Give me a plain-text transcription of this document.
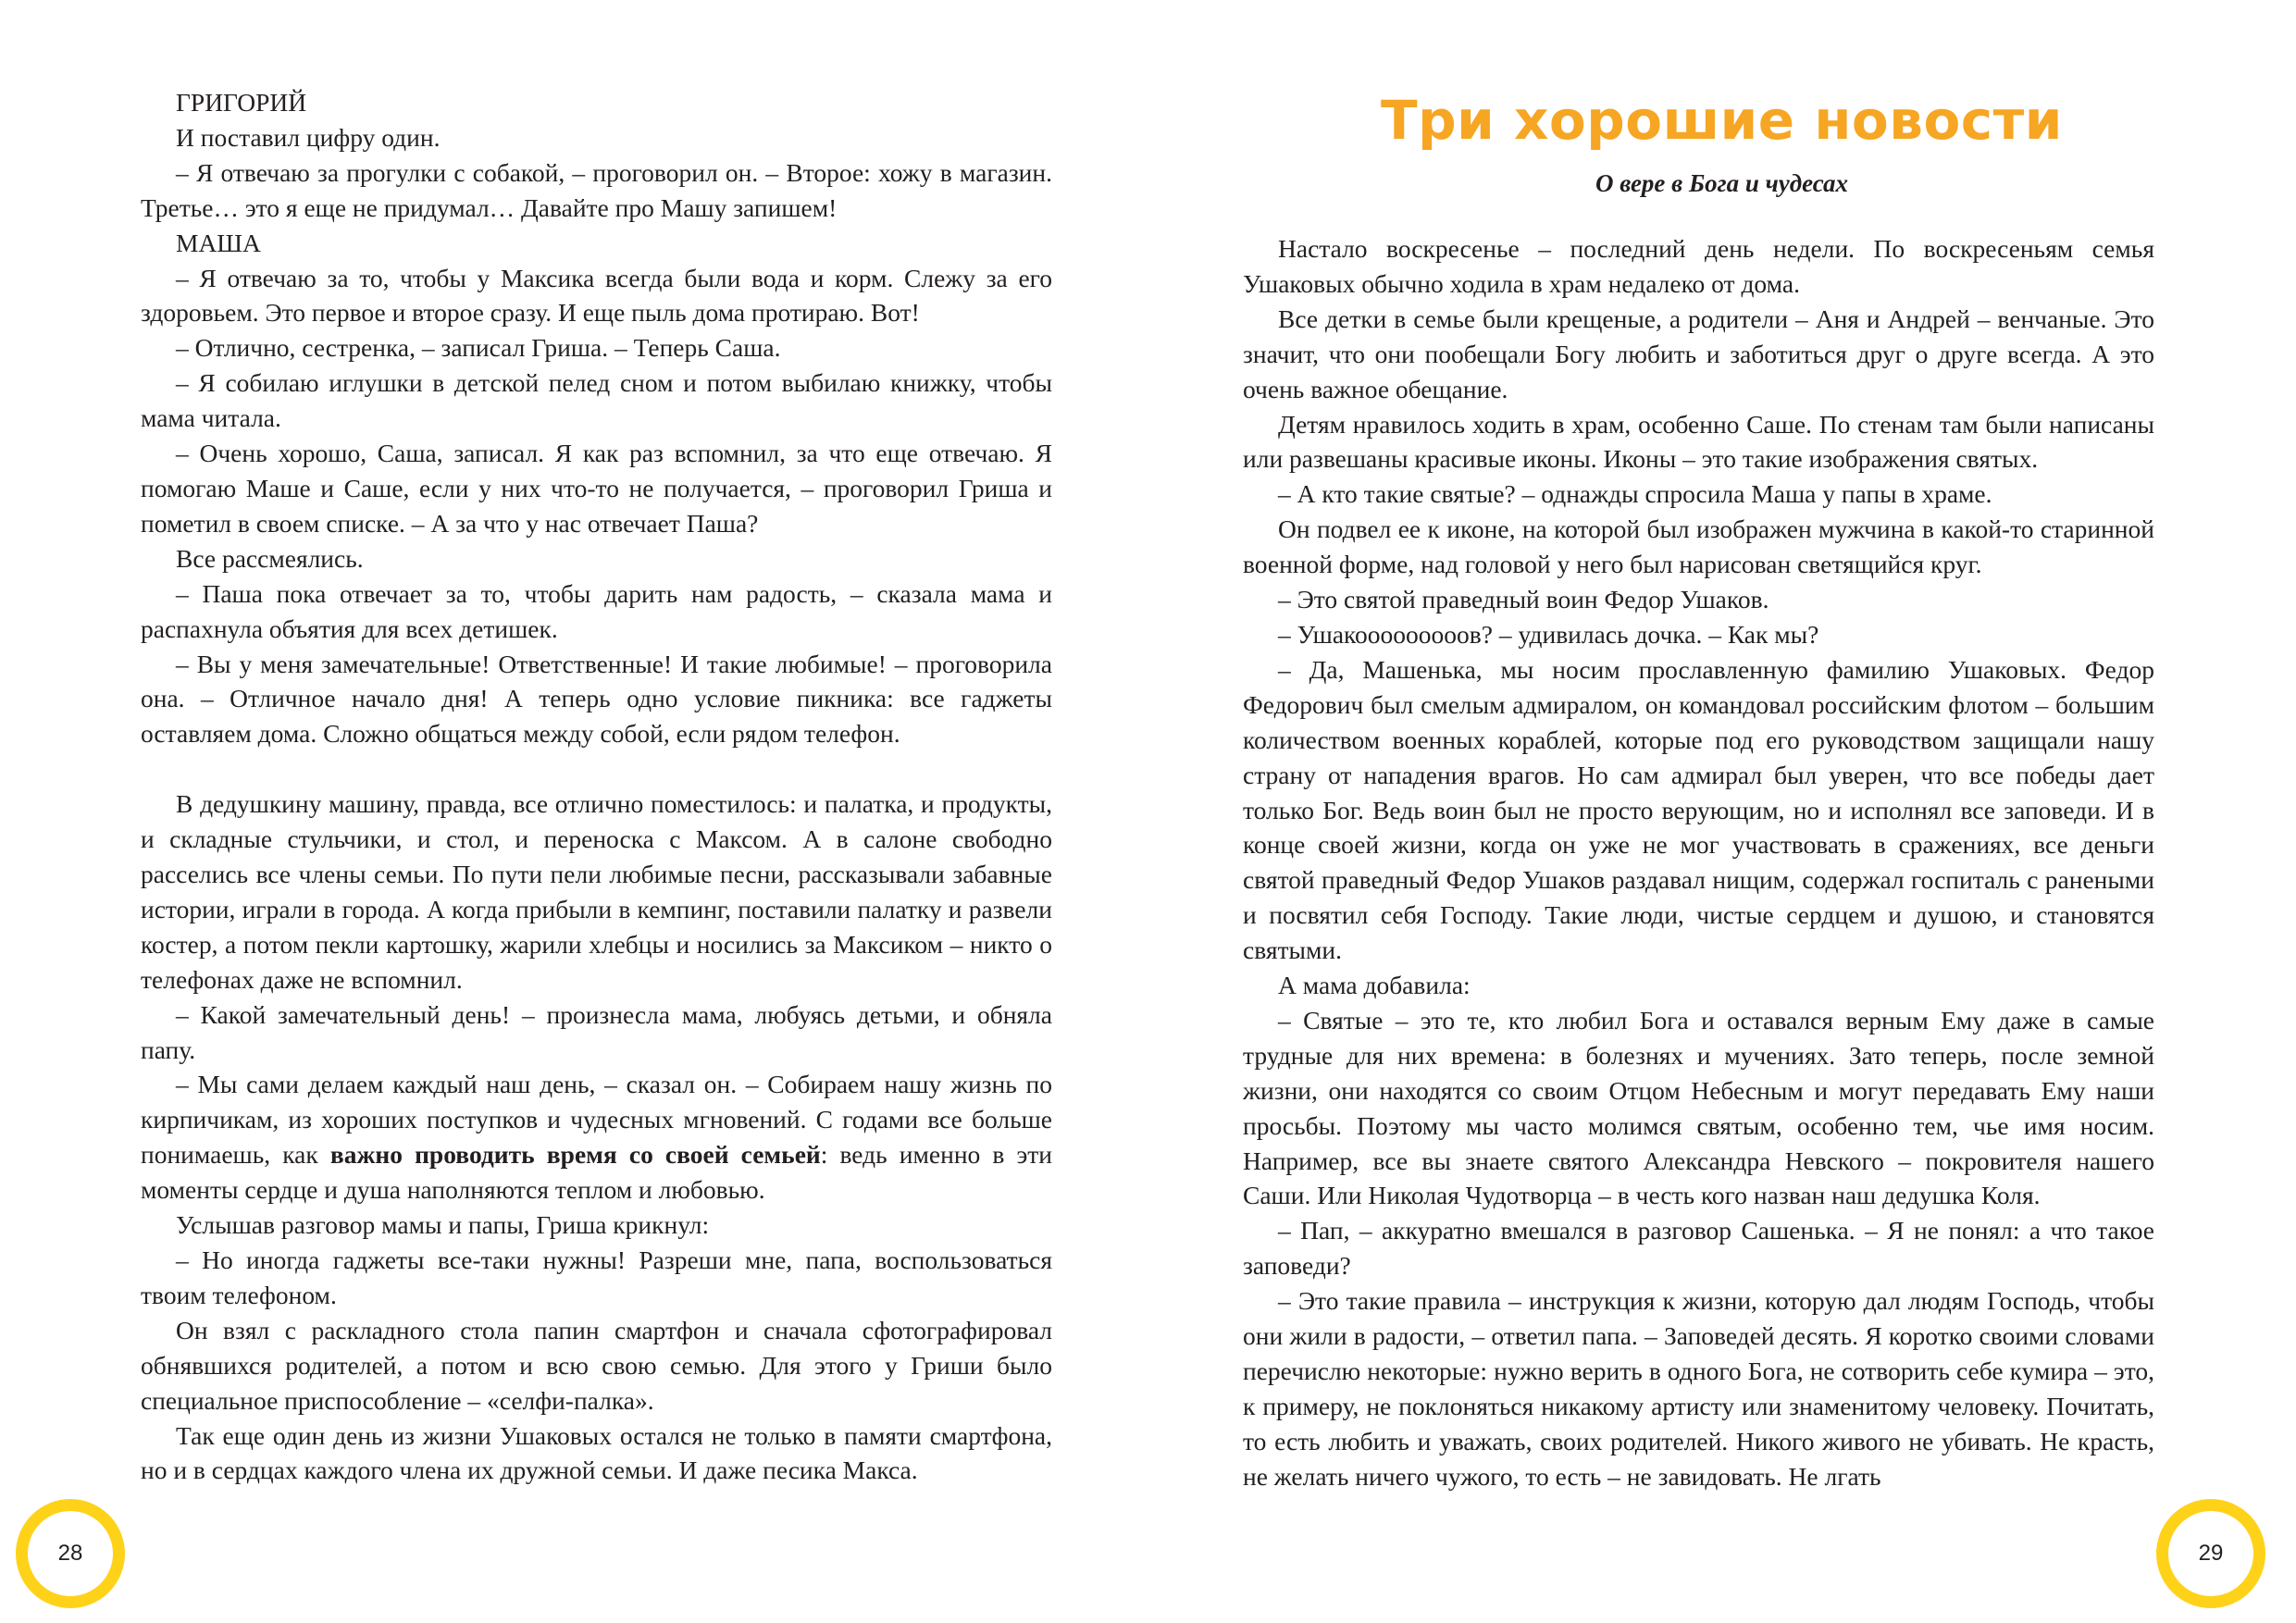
ГРИГОРИЙ

И поставил цифру один.

– Я отвечаю за прогулки с собакой, – проговорил он. – Второе: хожу в магазин. Третье… это я еще не придумал… Давайте про Машу запишем!

МАША

– Я отвечаю за то, чтобы у Максика всегда были вода и корм. Слежу за его здоровьем. Это первое и второе сразу. И еще пыль дома протираю. Вот!

– Отлично, сестренка, – записал Гриша. – Теперь Саша.

– Я собилаю иглушки в детской пелед сном и потом выбилаю книжку, чтобы мама читала.

– Очень хорошо, Саша, записал. Я как раз вспомнил, за что еще отвечаю. Я помогаю Маше и Саше, если у них что-то не получается, – проговорил Гриша и пометил в своем списке. – А за что у нас отвечает Паша?

Все рассмеялись.

– Паша пока отвечает за то, чтобы дарить нам радость, – сказала мама и распахнула объятия для всех детишек.

– Вы у меня замечательные! Ответственные! И такие любимые! – проговорила она. – Отличное начало дня! А теперь одно условие пикника: все гаджеты оставляем дома. Сложно общаться между собой, если рядом телефон.

В дедушкину машину, правда, все отлично поместилось: и палатка, и продукты, и складные стульчики, и стол, и переноска с Максом. А в салоне свободно расселись все члены семьи. По пути пели любимые песни, рассказывали забавные истории, играли в города. А когда прибыли в кемпинг, поставили палатку и развели костер, а потом пекли картошку, жарили хлебцы и носились за Максиком – никто о телефонах даже не вспомнил.

– Какой замечательный день! – произнесла мама, любуясь детьми, и обняла папу.

– Мы сами делаем каждый наш день, – сказал он. – Собираем нашу жизнь по кирпичикам, из хороших поступков и чудесных мгновений. С годами все больше понимаешь, как важно проводить время со своей семьей: ведь именно в эти моменты сердце и душа наполняются теплом и любовью.

Услышав разговор мамы и папы, Гриша крикнул:

– Но иногда гаджеты все-таки нужны! Разреши мне, папа, воспользоваться твоим телефоном.

Он взял с раскладного стола папин смартфон и сначала сфотографировал обнявшихся родителей, а потом и всю свою семью. Для этого у Гриши было специальное приспособление – «селфи-палка».

Так еще один день из жизни Ушаковых остался не только в памяти смартфона, но и в сердцах каждого члена их дружной семьи. И даже песика Макса.

28
Три хорошие новости
О вере в Бога и чудесах

Настало воскресенье – последний день недели. По воскресеньям семья Ушаковых обычно ходила в храм недалеко от дома.

Все детки в семье были крещеные, а родители – Аня и Андрей – венчаные. Это значит, что они пообещали Богу любить и заботиться друг о друге всегда. А это очень важное обещание.

Детям нравилось ходить в храм, особенно Саше. По стенам там были написаны или развешаны красивые иконы. Иконы – это такие изображения святых.

– А кто такие святые? – однажды спросила Маша у папы в храме.

Он подвел ее к иконе, на которой был изображен мужчина в какой-то старинной военной форме, над головой у него был нарисован светящийся круг.

– Это святой праведный воин Федор Ушаков.

– Ушакооооооооов? – удивилась дочка. – Как мы?

– Да, Машенька, мы носим прославленную фамилию Ушаковых. Федор Федорович был смелым адмиралом, он командовал российским флотом – большим количеством военных кораблей, которые под его руководством защищали нашу страну от нападения врагов. Но сам адмирал был уверен, что все победы дает только Бог. Ведь воин был не просто верующим, но и исполнял все заповеди. И в конце своей жизни, когда он уже не мог участвовать в сражениях, все деньги святой праведный Федор Ушаков раздавал нищим, содержал госпиталь с ранеными и посвятил себя Господу. Такие люди, чистые сердцем и душою, и становятся святыми.

А мама добавила:

– Святые – это те, кто любил Бога и оставался верным Ему даже в самые трудные для них времена: в болезнях и мучениях. Зато теперь, после земной жизни, они находятся со своим Отцом Небесным и могут передавать Ему наши просьбы. Поэтому мы часто молимся святым, особенно тем, чье имя носим. Например, все вы знаете святого Александра Невского – покровителя нашего Саши. Или Николая Чудотворца – в честь кого назван наш дедушка Коля.

– Пап, – аккуратно вмешался в разговор Сашенька. – Я не понял: а что такое заповеди?

– Это такие правила – инструкция к жизни, которую дал людям Господь, чтобы они жили в радости, – ответил папа. – Заповедей десять. Я коротко своими словами перечислю некоторые: нужно верить в одного Бога, не сотворить себе кумира – это, к примеру, не поклоняться никакому артисту или знаменитому человеку. Почитать, то есть любить и уважать, своих родителей. Никого живого не убивать. Не красть, не желать ничего чужого, то есть – не завидовать. Не лгать

29
